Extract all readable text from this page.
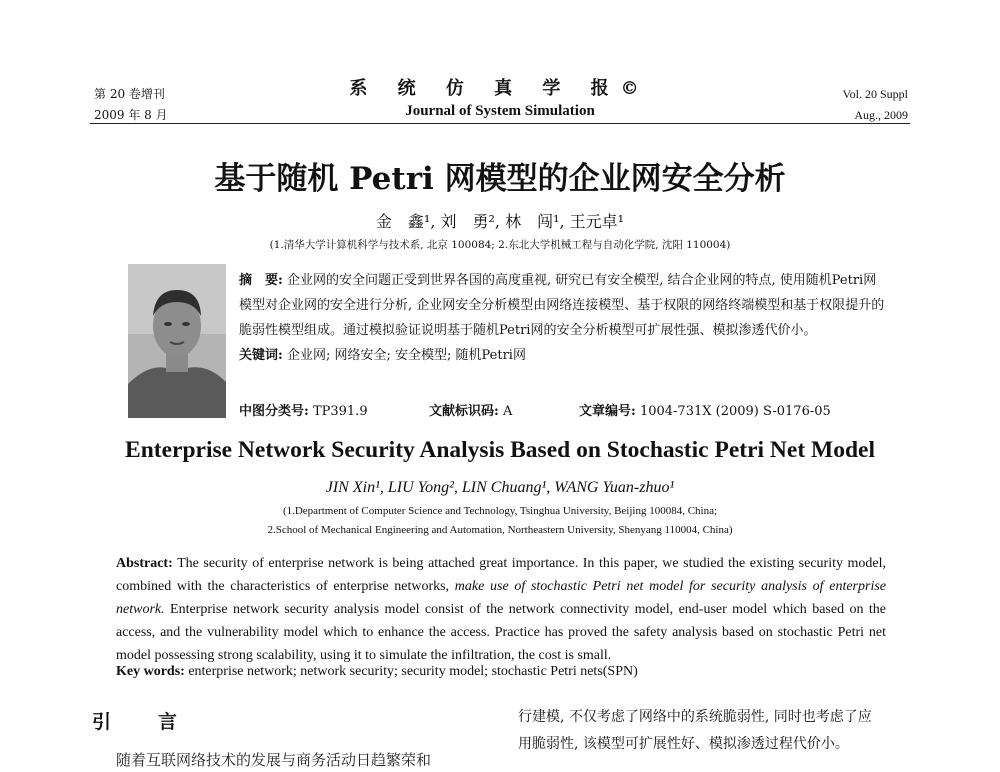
第 20 卷增刊
2009 年 8 月
系 统 仿 真 学 报©
Journal of System Simulation
Vol. 20 Suppl
Aug., 2009
基于随机 Petri 网模型的企业网安全分析
金　鑫¹, 刘　勇², 林　闯¹, 王元卓¹
(1.清华大学计算机科学与技术系, 北京 100084; 2.东北大学机械工程与自动化学院, 沈阳 110004)
摘　要: 企业网的安全问题正受到世界各国的高度重视, 研究已有安全模型, 结合企业网的特点, 使用随机Petri网模型对企业网的安全进行分析, 企业网安全分析模型由网络连接模型、基于权限的网络终端模型和基于权限提升的脆弱性模型组成。通过模拟验证说明基于随机Petri网的安全分析模型可扩展性强、模拟渗透代价小。
关键词: 企业网; 网络安全; 安全模型; 随机Petri网
中图分类号: TP391.9	文献标识码: A	文章编号: 1004-731X (2009) S-0176-05
Enterprise Network Security Analysis Based on Stochastic Petri Net Model
JIN Xin¹, LIU Yong², LIN Chuang¹, WANG Yuan-zhuo¹
(1.Department of Computer Science and Technology, Tsinghua University, Beijing 100084, China;
2.School of Mechanical Engineering and Automation, Northeastern University, Shenyang 110004, China)
Abstract: The security of enterprise network is being attached great importance. In this paper, we studied the existing security model, combined with the characteristics of enterprise networks, make use of stochastic Petri net model for security analysis of enterprise network. Enterprise network security analysis model consist of the network connectivity model, end-user model which based on the access, and the vulnerability model which to enhance the access. Practice has proved the safety analysis based on stochastic Petri net model possessing strong scalability, using it to simulate the infiltration, the cost is small.
Key words: enterprise network; network security; security model; stochastic Petri nets(SPN)
引　言
随着互联网络技术的发展与商务活动日趋繁荣和
行建模, 不仅考虑了网络中的系统脆弱性, 同时也考虑了应
用脆弱性, 该模型可扩展性好、模拟渗透过程代价小。
